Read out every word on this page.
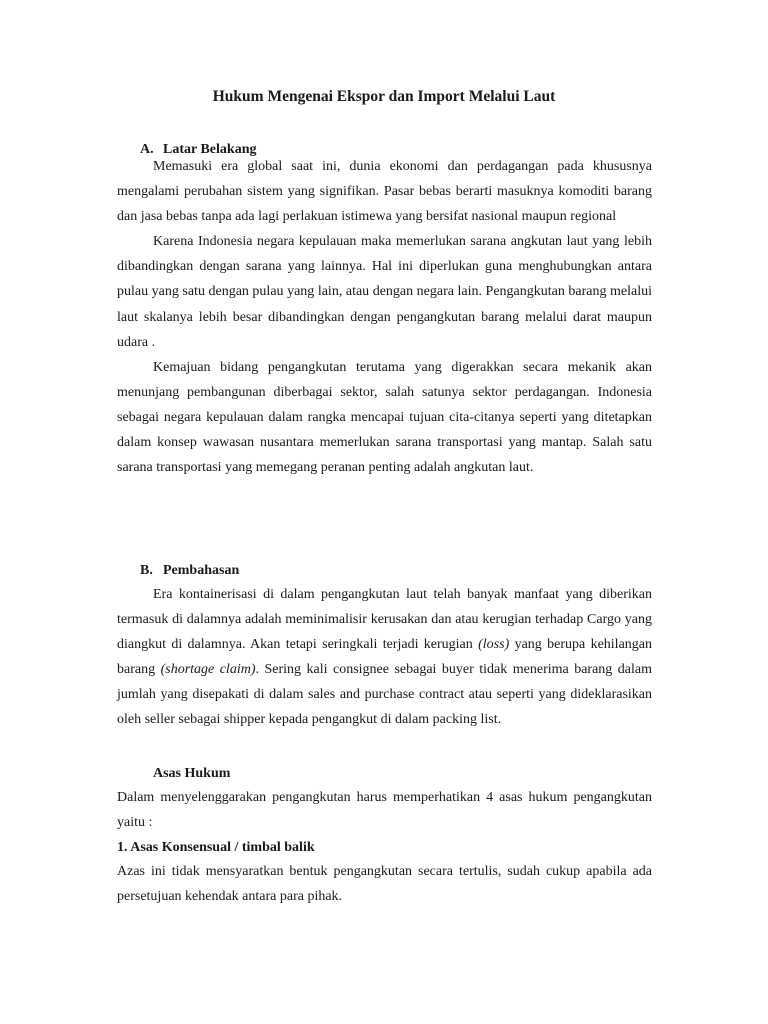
Hukum Mengenai Ekspor dan Import Melalui Laut
A. Latar Belakang

Memasuki era global saat ini, dunia ekonomi dan perdagangan pada khususnya mengalami perubahan sistem yang signifikan. Pasar bebas berarti masuknya komoditi barang dan jasa bebas tanpa ada lagi perlakuan istimewa yang bersifat nasional maupun regional

Karena Indonesia negara kepulauan maka memerlukan sarana angkutan laut yang lebih dibandingkan dengan sarana yang lainnya. Hal ini diperlukan guna menghubungkan antara pulau yang satu dengan pulau yang lain, atau dengan negara lain. Pengangkutan barang melalui laut skalanya lebih besar dibandingkan dengan pengangkutan barang melalui darat maupun udara .

Kemajuan bidang pengangkutan terutama yang digerakkan secara mekanik akan menunjang pembangunan diberbagai sektor, salah satunya sektor perdagangan. Indonesia sebagai negara kepulauan dalam rangka mencapai tujuan cita-citanya seperti yang ditetapkan dalam konsep wawasan nusantara memerlukan sarana transportasi yang mantap. Salah satu sarana transportasi yang memegang peranan penting adalah angkutan laut.

B. Pembahasan

Era kontainerisasi di dalam pengangkutan laut telah banyak manfaat yang diberikan termasuk di dalamnya adalah meminimalisir kerusakan dan atau kerugian terhadap Cargo yang diangkut di dalamnya. Akan tetapi seringkali terjadi kerugian (loss) yang berupa kehilangan barang (shortage claim). Sering kali consignee sebagai buyer tidak menerima barang dalam jumlah yang disepakati di dalam sales and purchase contract atau seperti yang dideklarasikan oleh seller sebagai shipper kepada pengangkut di dalam packing list.

Asas Hukum

Dalam menyelenggarakan pengangkutan harus memperhatikan 4 asas hukum pengangkutan yaitu :

1. Asas Konsensual / timbal balik

Azas ini tidak mensyaratkan bentuk pengangkutan secara tertulis, sudah cukup apabila ada persetujuan kehendak antara para pihak.
